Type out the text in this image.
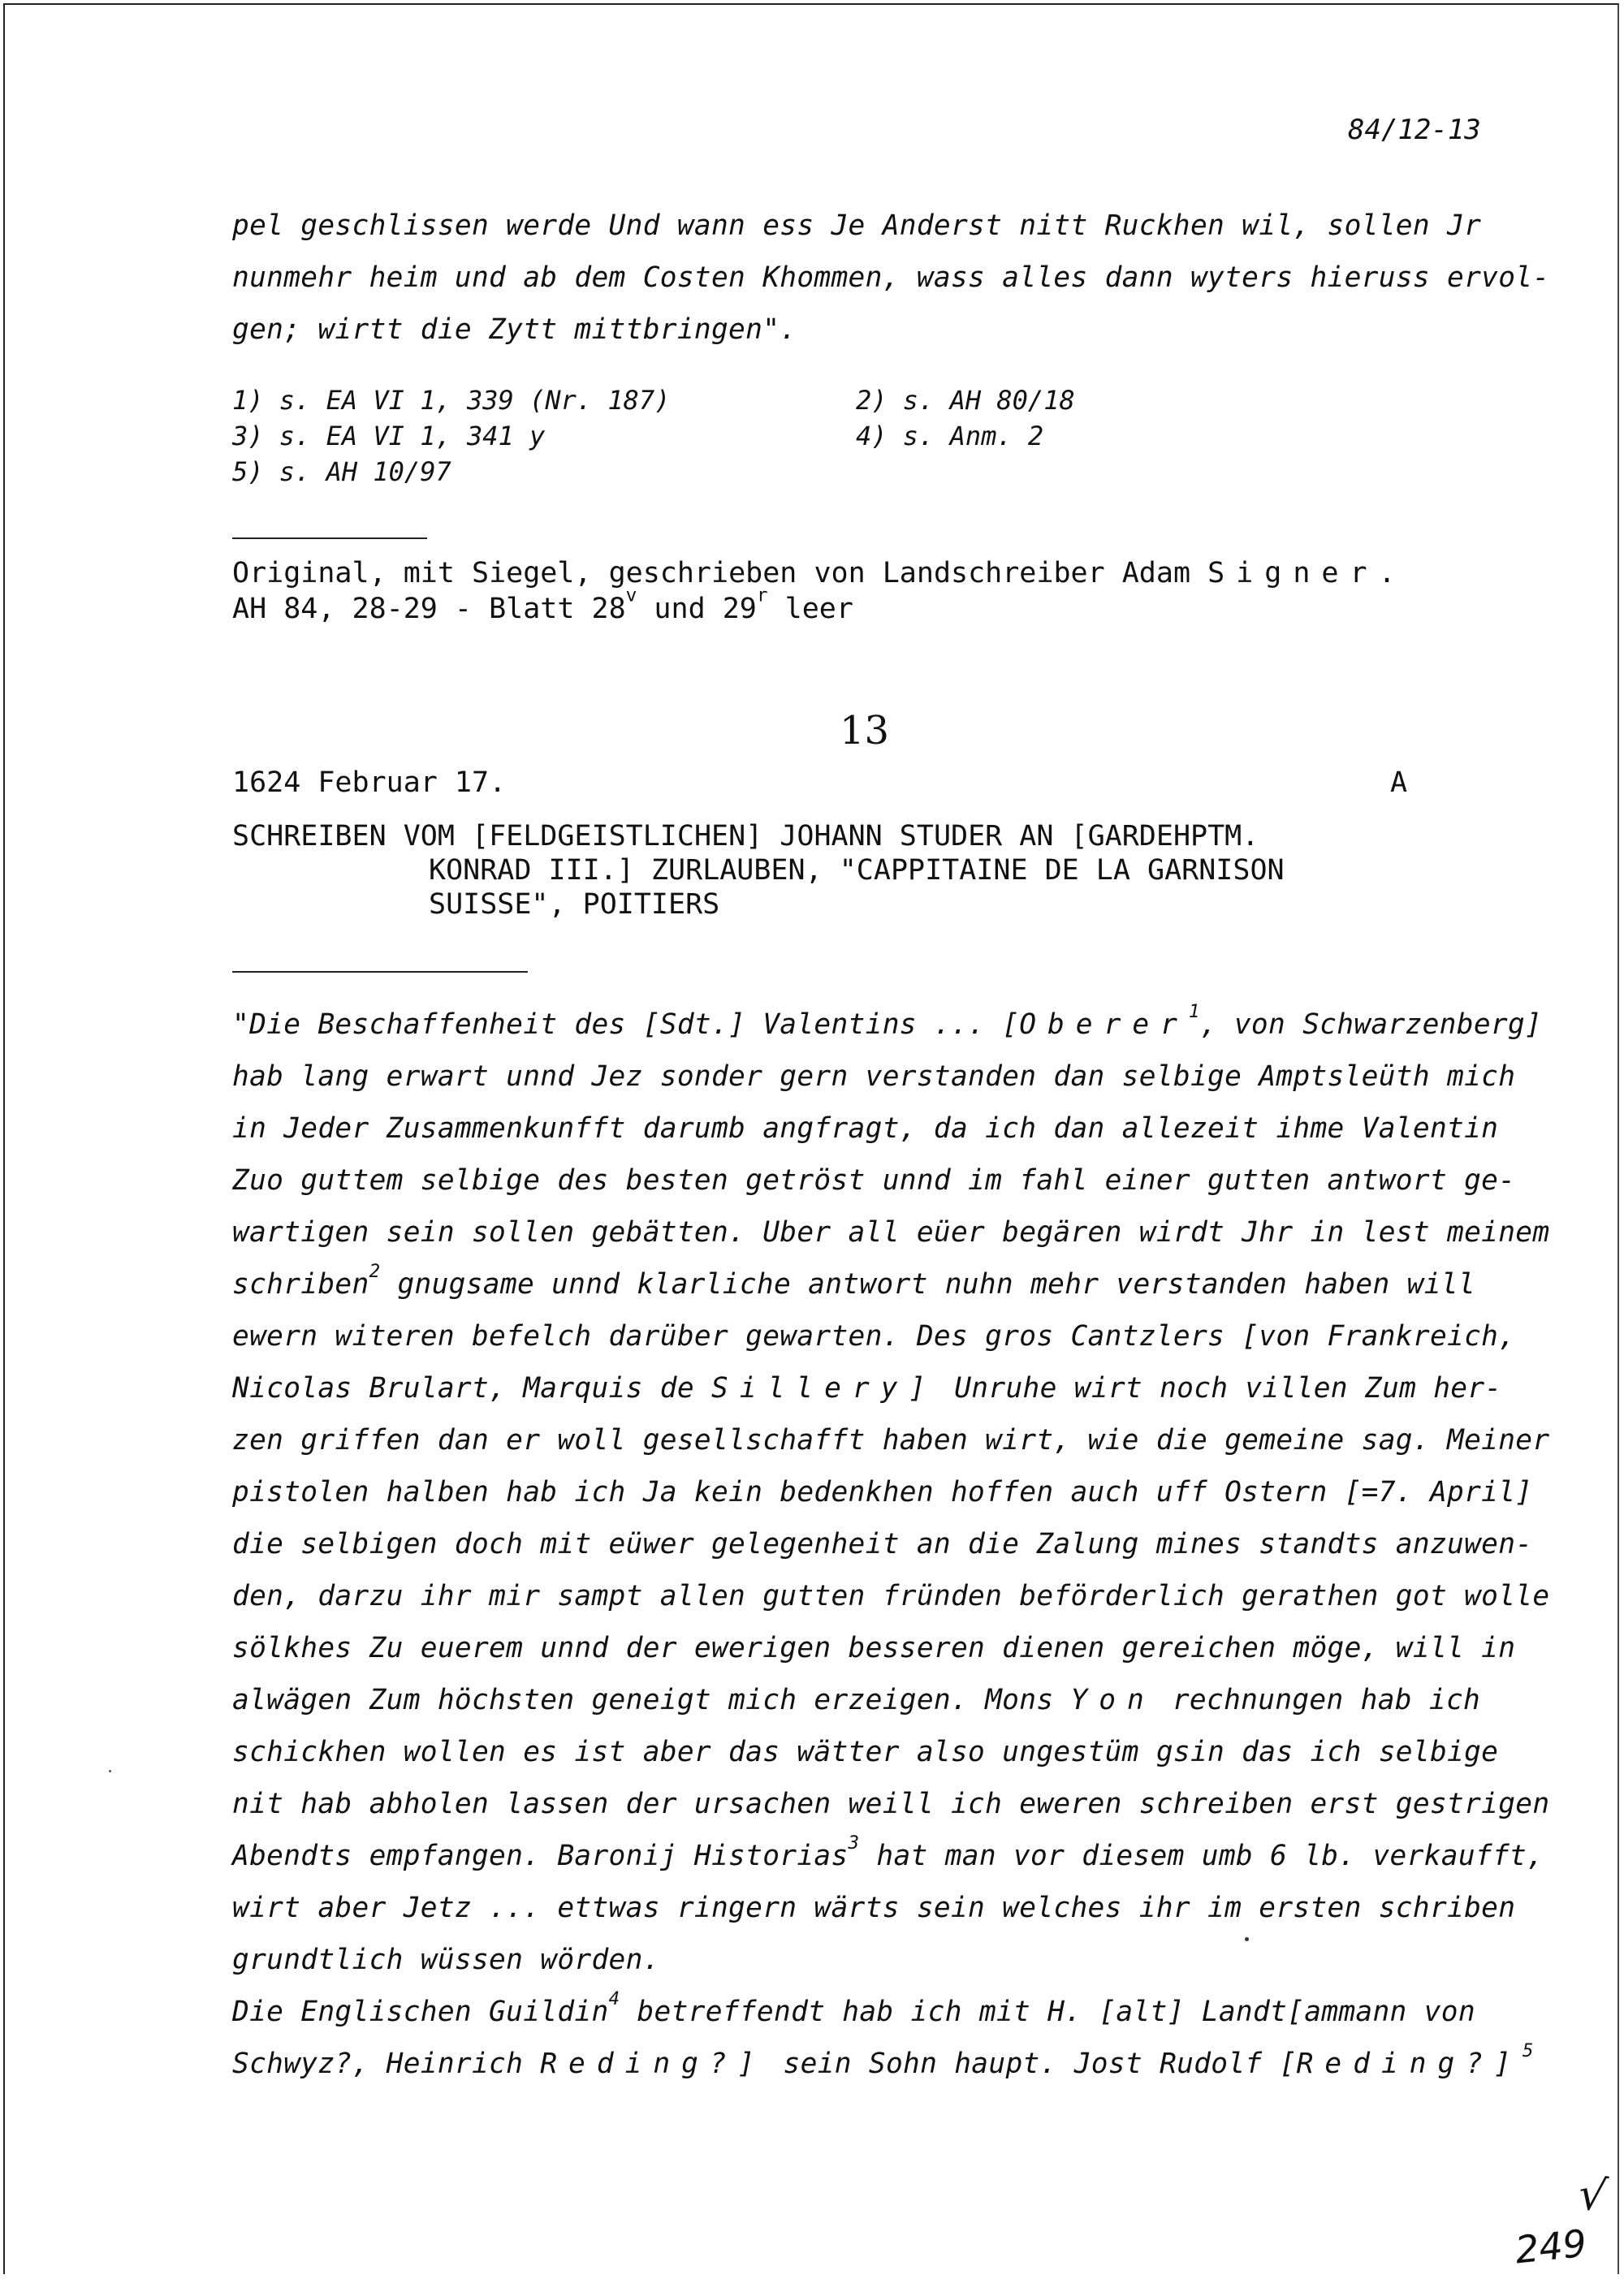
84/12-13
pel geschlissen werde Und wann ess Je Anderst nitt Ruckhen wil, sollen Jr
nunmehr heim und ab dem Costen Khommen, wass alles dann wyters hieruss ervol-
gen; wirtt die Zytt mittbringen".
1) s. EA VI 1, 339 (Nr. 187)	2) s. AH 80/18
3) s. EA VI 1, 341 y	4) s. Anm. 2
5) s. AH 10/97
Original, mit Siegel, geschrieben von Landschreiber Adam Signer.
AH 84, 28-29 - Blatt 28$^v$ und 29$^r$ leer
13
1624 Februar 17.	A
SCHREIBEN VOM [FELDGEISTLICHEN] JOHANN STUDER AN [GARDEHPTM.
KONRAD III.] ZURLAUBEN, "CAPPITAINE DE LA GARNISON
SUISSE", POITIERS
"Die Beschaffenheit des [Sdt.] Valentins ... [Oberer$^1$, von Schwarzenberg]
hab lang erwart unnd Jez sonder gern verstanden dan selbige Amptsleüth mich
in Jeder Zusammenkunfft darumb angfragt, da ich dan allezeit ihme Valentin
Zuo guttem selbige des besten getröst unnd im fahl einer gutten antwort ge-
wartigen sein sollen gebätten. Uber all eüer begären wirdt Jhr in lest meinem
schriben$^2$ gnugsame unnd klarliche antwort nuhn mehr verstanden haben will
ewern witeren befelch darüber gewarten. Des gros Cantzlers [von Frankreich,
Nicolas Brulart, Marquis de Sillery] Unruhe wirt noch villen Zum her-
zen griffen dan er woll gesellschafft haben wirt, wie die gemeine sag. Meiner
pistolen halben hab ich Ja kein bedenkhen hoffen auch uff Ostern [=7. April]
die selbigen doch mit eüwer gelegenheit an die Zalung mines standts anzuwen-
den, darzu ihr mir sampt allen gutten fründen beförderlich gerathen got wolle
sölkhes Zu euerem unnd der ewerigen besseren dienen gereichen möge, will in
alwägen Zum höchsten geneigt mich erzeigen. Mons Yon rechnungen hab ich
schickhen wollen es ist aber das wätter also ungestüm gsin das ich selbige
nit hab abholen lassen der ursachen weill ich eweren schreiben erst gestrigen
Abendts empfangen. Baronij Historias$^3$ hat man vor diesem umb 6 lb. verkaufft,
wirt aber Jetz ... ettwas ringern wärts sein welches ihr im ersten schriben
grundtlich wüssen wörden.
Die Englischen Guildin$^4$ betreffendt hab ich mit H. [alt] Landt[ammann von
Schwyz?, Heinrich Reding?] sein Sohn haupt. Jost Rudolf [Reding?]$^5$
√
249
